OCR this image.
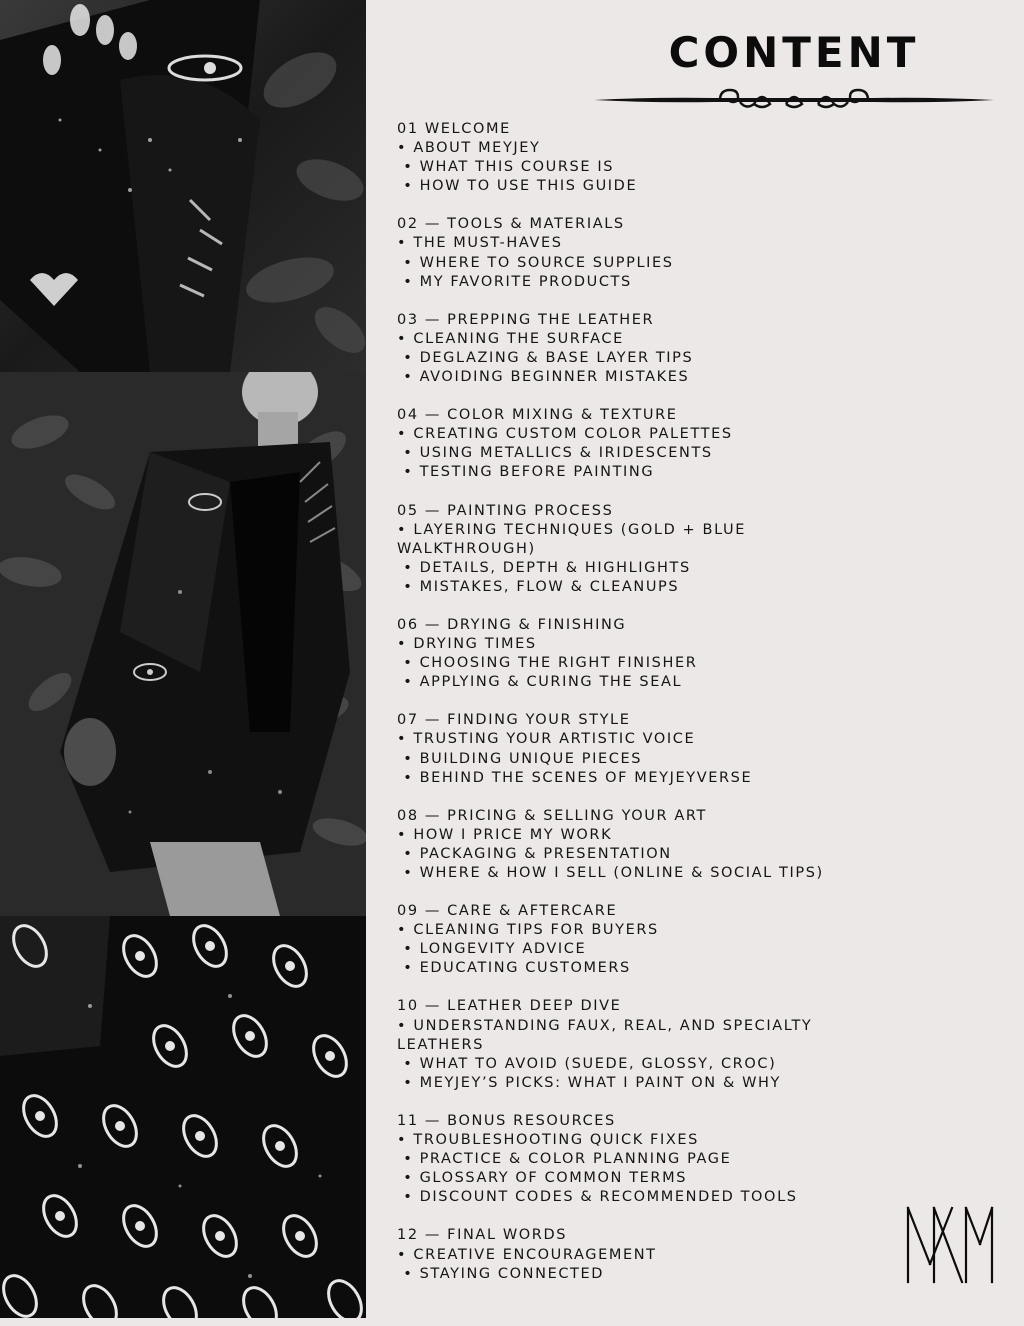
CONTENT
01 WELCOME
• ABOUT MEYJEY
• WHAT THIS COURSE IS
• HOW TO USE THIS GUIDE
02 — TOOLS & MATERIALS
• THE MUST-HAVES
• WHERE TO SOURCE SUPPLIES
• MY FAVORITE PRODUCTS
03 — PREPPING THE LEATHER
• CLEANING THE SURFACE
• DEGLAZING & BASE LAYER TIPS
• AVOIDING BEGINNER MISTAKES
04 — COLOR MIXING & TEXTURE
• CREATING CUSTOM COLOR PALETTES
• USING METALLICS & IRIDESCENTS
• TESTING BEFORE PAINTING
05 — PAINTING PROCESS
• LAYERING TECHNIQUES (GOLD + BLUE WALKTHROUGH)
• DETAILS, DEPTH & HIGHLIGHTS
• MISTAKES, FLOW & CLEANUPS
06 — DRYING & FINISHING
• DRYING TIMES
• CHOOSING THE RIGHT FINISHER
• APPLYING & CURING THE SEAL
07 — FINDING YOUR STYLE
• TRUSTING YOUR ARTISTIC VOICE
• BUILDING UNIQUE PIECES
• BEHIND THE SCENES OF MEYJEYVERSE
08 — PRICING & SELLING YOUR ART
• HOW I PRICE MY WORK
• PACKAGING & PRESENTATION
• WHERE & HOW I SELL (ONLINE & SOCIAL TIPS)
09 — CARE & AFTERCARE
• CLEANING TIPS FOR BUYERS
• LONGEVITY ADVICE
• EDUCATING CUSTOMERS
10 — LEATHER DEEP DIVE
• UNDERSTANDING FAUX, REAL, AND SPECIALTY LEATHERS
• WHAT TO AVOID (SUEDE, GLOSSY, CROC)
• MEYJEY’S PICKS: WHAT I PAINT ON & WHY
11 — BONUS RESOURCES
• TROUBLESHOOTING QUICK FIXES
• PRACTICE & COLOR PLANNING PAGE
• GLOSSARY OF COMMON TERMS
• DISCOUNT CODES & RECOMMENDED TOOLS
12 — FINAL WORDS
• CREATIVE ENCOURAGEMENT
• STAYING CONNECTED
